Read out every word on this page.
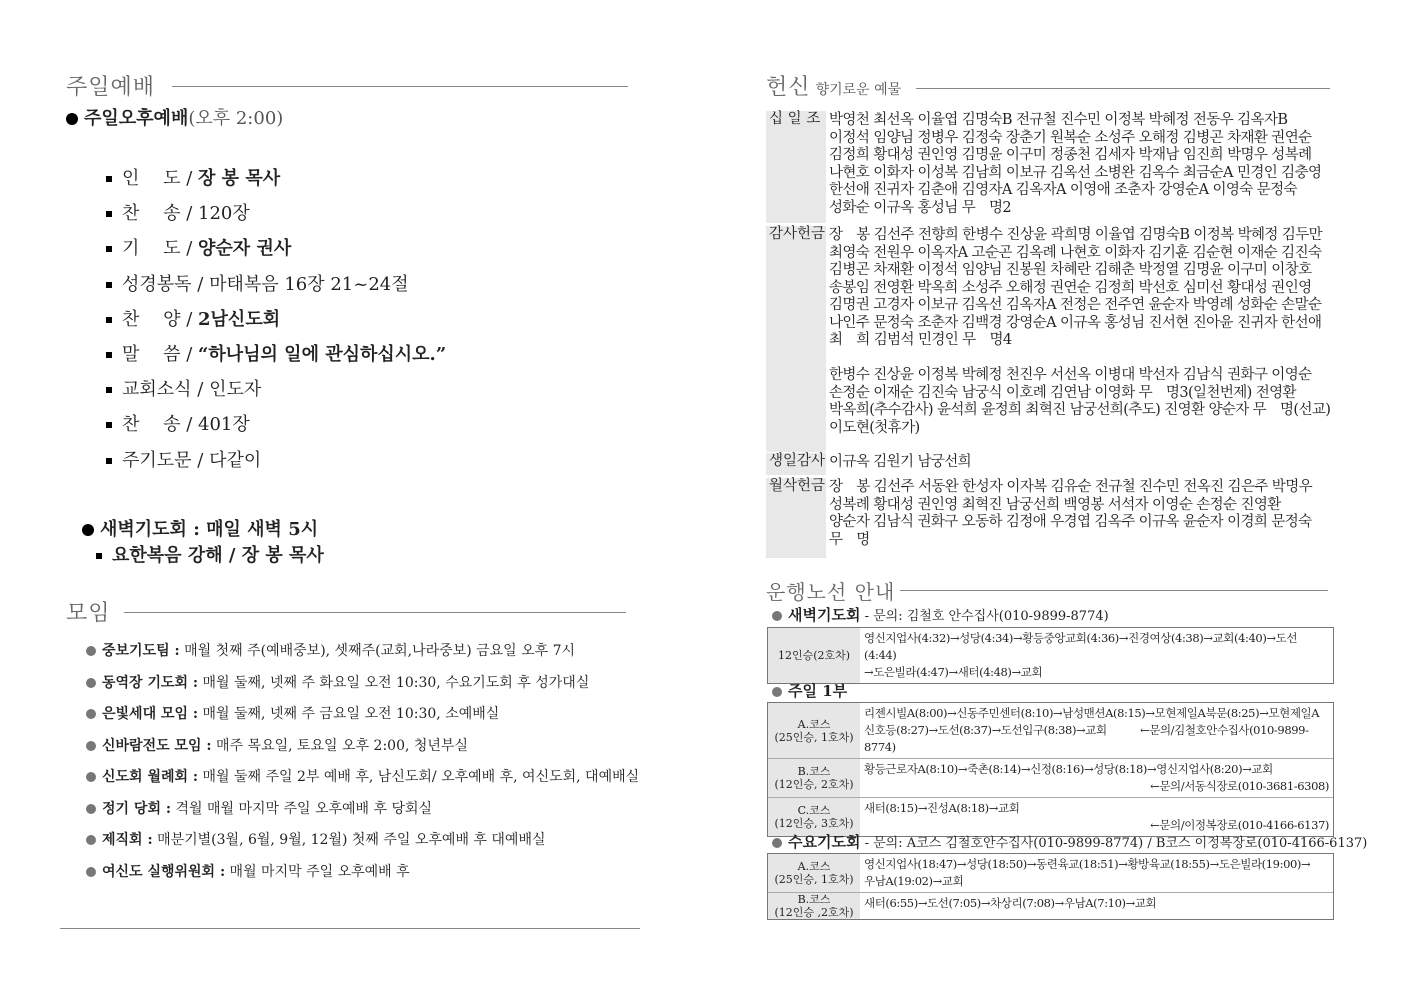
주일예배
주일오후예배(오후 2:00)
인　 도 / 장 봉 목사
찬　 송 / 120장
기　 도 / 양순자 권사
성경봉독 / 마태복음 16장 21~24절
찬　 양 / 2남신도회
말　 씀 / “하나님의 일에 관심하십시오.”
교회소식 / 인도자
찬　 송 / 401장
주기도문 / 다같이
새벽기도회 : 매일 새벽 5시
요한복음 강해 / 장 봉 목사
모임
중보기도팀 : 매월 첫째 주(예배중보), 셋째주(교회,나라중보) 금요일 오후 7시
동역장 기도회 : 매월 둘째, 넷째 주 화요일 오전 10:30, 수요기도회 후 성가대실
은빛세대 모임 : 매월 둘째, 넷째 주 금요일 오전 10:30, 소예배실
신바람전도 모임 : 매주 목요일, 토요일 오후 2:00, 청년부실
신도회 월례회 : 매월 둘째 주일 2부 예배 후, 남신도회/ 오후예배 후, 여신도회, 대예배실
정기 당회 : 격월 매월 마지막 주일 오후예배 후 당회실
제직회 : 매분기별(3월, 6월, 9월, 12월) 첫째 주일 오후예배 후 대예배실
여신도 실행위원회 : 매월 마지막 주일 오후예배 후
헌신 향기로운 예물
십 일 조 박영천 최선옥 이율엽 김명숙B 전규철 진수민 이정복 박혜정 전동우 김옥자B
이정석 임양님 정병우 김정숙 장춘기 원복순 소성주 오해정 김병곤 차재환 권연순
김정희 황대성 권인영 김명윤 이구미 정종천 김세자 박재남 임진희 박명우 성복례
나현호 이화자 이성복 김남희 이보규 김옥선 소병완 김옥수 최금순A 민경인 김충영
한선애 진귀자 김춘애 김영자A 김옥자A 이영애 조춘자 강영순A 이영숙 문정숙
성화순 이규옥 홍성님 무　명2
감사헌금 장　봉 김선주 전향희 한병수 진상윤 곽희명 이율엽 김명숙B 이정복 박혜정 김두만
최영숙 전원우 이옥자A 고순곤 김옥례 나현호 이화자 김기훈 김순현 이재순 김진숙
김병곤 차재환 이정석 임양님 진봉원 차혜란 김해춘 박정열 김명윤 이구미 이창호
송봉임 전영환 박옥희 소성주 오해정 권연순 김정희 박선호 심미선 황대성 권인영
김명권 고경자 이보규 김옥선 김옥자A 전정은 전주연 윤순자 박영례 성화순 손말순
나인주 문정숙 조춘자 김백경 강영순A 이규옥 홍성님 진서현 진아윤 진귀자 한선애
최　희 김범석 민경인 무　명4
한병수 진상윤 이정복 박혜정 천진우 서선옥 이병대 박선자 김남식 권화구 이영순
손정순 이재순 김진숙 남궁식 이호례 김연남 이영화 무　명3(일천번제) 전영환
박옥희(추수감사) 윤석희 윤정희 최혁진 남궁선희(추도) 진영환 양순자 무　명(선교)
이도현(첫휴가)
생일감사 이규옥 김원기 남궁선희
월삭헌금 장　봉 김선주 서동완 한성자 이자복 김유순 전규철 진수민 전옥진 김은주 박명우
성복례 황대성 권인영 최혁진 남궁선희 백영봉 서석자 이영순 손정순 진영환
양순자 김남식 권화구 오동하 김정애 우경엽 김옥주 이규옥 윤순자 이경희 문정숙
무　명
운행노선 안내
새벽기도회 - 문의: 김철호 안수집사(010-9899-8774)
12인승(2호차)
영신지업사(4:32)→성당(4:34)→황등중앙교회(4:36)→진경여상(4:38)→교회(4:40)→도선(4:44)
→도은빌라(4:47)→새터(4:48)→교회
주일 1부
A.코스
(25인승, 1호차)
리젠시빌A(8:00)→신동주민센터(8:10)→남성맨션A(8:15)→모현제일A북문(8:25)→모현제일A
신호등(8:27)→도선(8:37)→도선입구(8:38)→교회　　　←문의/김철호안수집사(010-9899-8774)
B.코스
(12인승, 2호차)
황등근로자A(8:10)→죽촌(8:14)→신정(8:16)→성당(8:18)→영신지업사(8:20)→교회
←문의/서동식장로(010-3681-6308)
C.코스
(12인승, 3호차)
새터(8:15)→진성A(8:18)→교회
←문의/이정복장로(010-4166-6137)
수요기도회 - 문의: A코스 김철호안수집사(010-9899-8774) / B코스 이정복장로(010-4166-6137)
A.코스
(25인승, 1호차)
영신지업사(18:47)→성당(18:50)→동련육교(18:51)→황방육교(18:55)→도은빌라(19:00)→
우남A(19:02)→교회
B.코스
(12인승 ,2호차)
새터(6:55)→도선(7:05)→차상리(7:08)→우남A(7:10)→교회
